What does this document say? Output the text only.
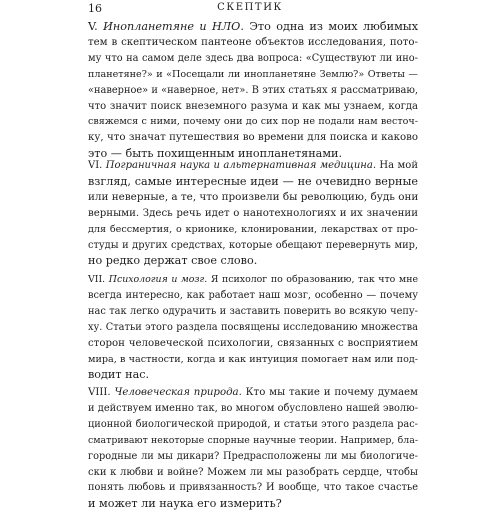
16	СКЕПТИК

V. Инопланетяне и НЛО. Это одна из моих любимых
тем в скептическом пантеоне объектов исследования, пото-
му что на самом деле здесь два вопроса: «Существуют ли ино-
планетяне?» и «Посещали ли инопланетяне Землю?» Ответы —
«наверное» и «наверное, нет». В этих статьях я рассматриваю,
что значит поиск внеземного разума и как мы узнаем, когда
свяжемся с ними, почему они до сих пор не подали нам весточ-
ку, что значат путешествия во времени для поиска и каково
это — быть похищенным инопланетянами.

VI. Пограничная наука и альтернативная медицина. На мой
взгляд, самые интересные идеи — не очевидно верные
или неверные, а те, что произвели бы революцию, будь они
верными. Здесь речь идет о нанотехнологиях и их значении
для бессмертия, о крионике, клонировании, лекарствах от про-
студы и других средствах, которые обещают перевернуть мир,
но редко держат свое слово.

VII. Психология и мозг. Я психолог по образованию, так что мне
всегда интересно, как работает наш мозг, особенно — почему
нас так легко одурачить и заставить поверить во всякую чепу-
ху. Статьи этого раздела посвящены исследованию множества
сторон человеческой психологии, связанных с восприятием
мира, в частности, когда и как интуиция помогает нам или под-
водит нас.

VIII. Человеческая природа. Кто мы такие и почему думаем
и действуем именно так, во многом обусловлено нашей эволю-
ционной биологической природой, и статьи этого раздела рас-
сматривают некоторые спорные научные теории. Например, бла-
городные ли мы дикари? Предрасположены ли мы биологиче-
ски к любви и войне? Можем ли мы разобрать сердце, чтобы
понять любовь и привязанность? И вообще, что такое счастье
и может ли наука его измерить?
